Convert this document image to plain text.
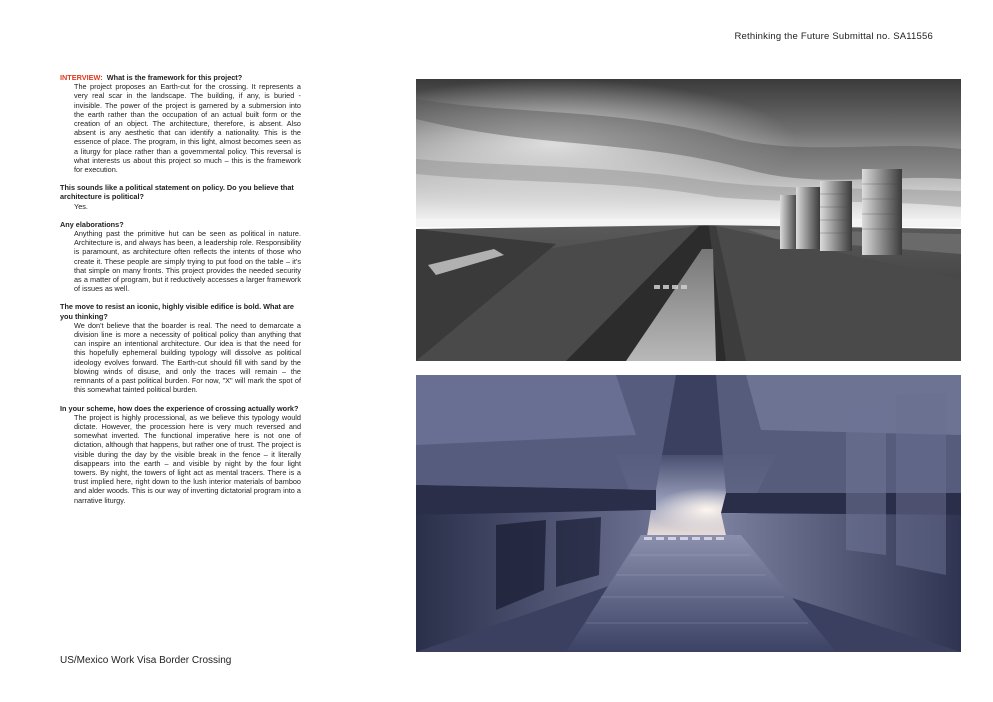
Rethinking the Future Submittal no. SA11556
INTERVIEW: What is the framework for this project?
The project proposes an Earth-cut for the crossing. It represents a very real scar in the landscape. The building, if any, is buried - invisible. The power of the project is garnered by a submersion into the earth rather than the occupation of an actual built form or the creation of an object. The architecture, therefore, is absent. Also absent is any aesthetic that can identify a nationality. This is the essence of place. The program, in this light, almost becomes seen as a liturgy for place rather than a governmental policy. This reversal is what interests us about this project so much – this is the framework for execution.
This sounds like a political statement on policy. Do you believe that architecture is political?
Yes.
Any elaborations?
Anything past the primitive hut can be seen as political in nature. Architecture is, and always has been, a leadership role. Responsibility is paramount, as architecture often reflects the intents of those who create it. These people are simply trying to put food on the table – it's that simple on many fronts. This project provides the needed security as a matter of program, but it reductively accesses a larger framework of issues as well.
The move to resist an iconic, highly visible edifice is bold. What are you thinking?
We don't believe that the boarder is real. The need to demarcate a division line is more a necessity of political policy than anything that can inspire an intentional architecture. Our idea is that the need for this hopefully ephemeral building typology will dissolve as political ideology evolves forward. The Earth-cut should fill with sand by the blowing winds of disuse, and only the traces will remain – the remnants of a past political burden. For now, "X" will mark the spot of this somewhat tainted political burden.
In your scheme, how does the experience of crossing actually work?
The project is highly processional, as we believe this typology would dictate. However, the procession here is very much reversed and somewhat inverted. The functional imperative here is not one of dictation, although that happens, but rather one of trust. The project is visible during the day by the visible break in the fence – it literally disappears into the earth – and visible by night by the four light towers. By night, the towers of light act as mental tracers. There is a trust implied here, right down to the lush interior materials of bamboo and alder woods. This is our way of inverting dictatorial program into a narrative liturgy.
US/Mexico Work Visa Border Crossing
